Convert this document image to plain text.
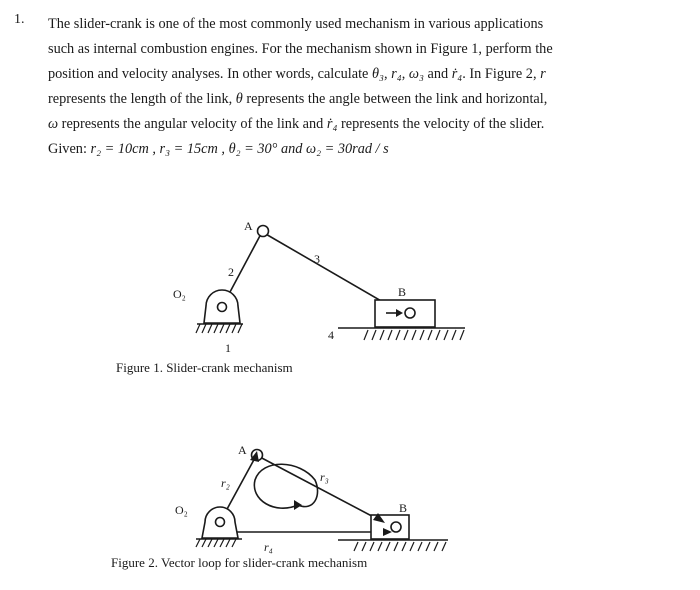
1. The slider-crank is one of the most commonly used mechanism in various applications
such as internal combustion engines. For the mechanism shown in Figure 1, perform the
position and velocity analyses. In other words, calculate θ₃, r₄, ω₃ and ṙ₄. In Figure 2, r
represents the length of the link, θ represents the angle between the link and horizontal,
ω represents the angular velocity of the link and ṙ₄ represents the velocity of the slider.
Given: r₂ = 10cm , r₃ = 15cm , θ₂ = 30° and ω₂ = 30rad / s
A
O₂
2
3
B
1
4
Figure 1. Slider-crank mechanism
A
O₂
r₂	r₃
B
r₄
Figure 2. Vector loop for slider-crank mechanism
